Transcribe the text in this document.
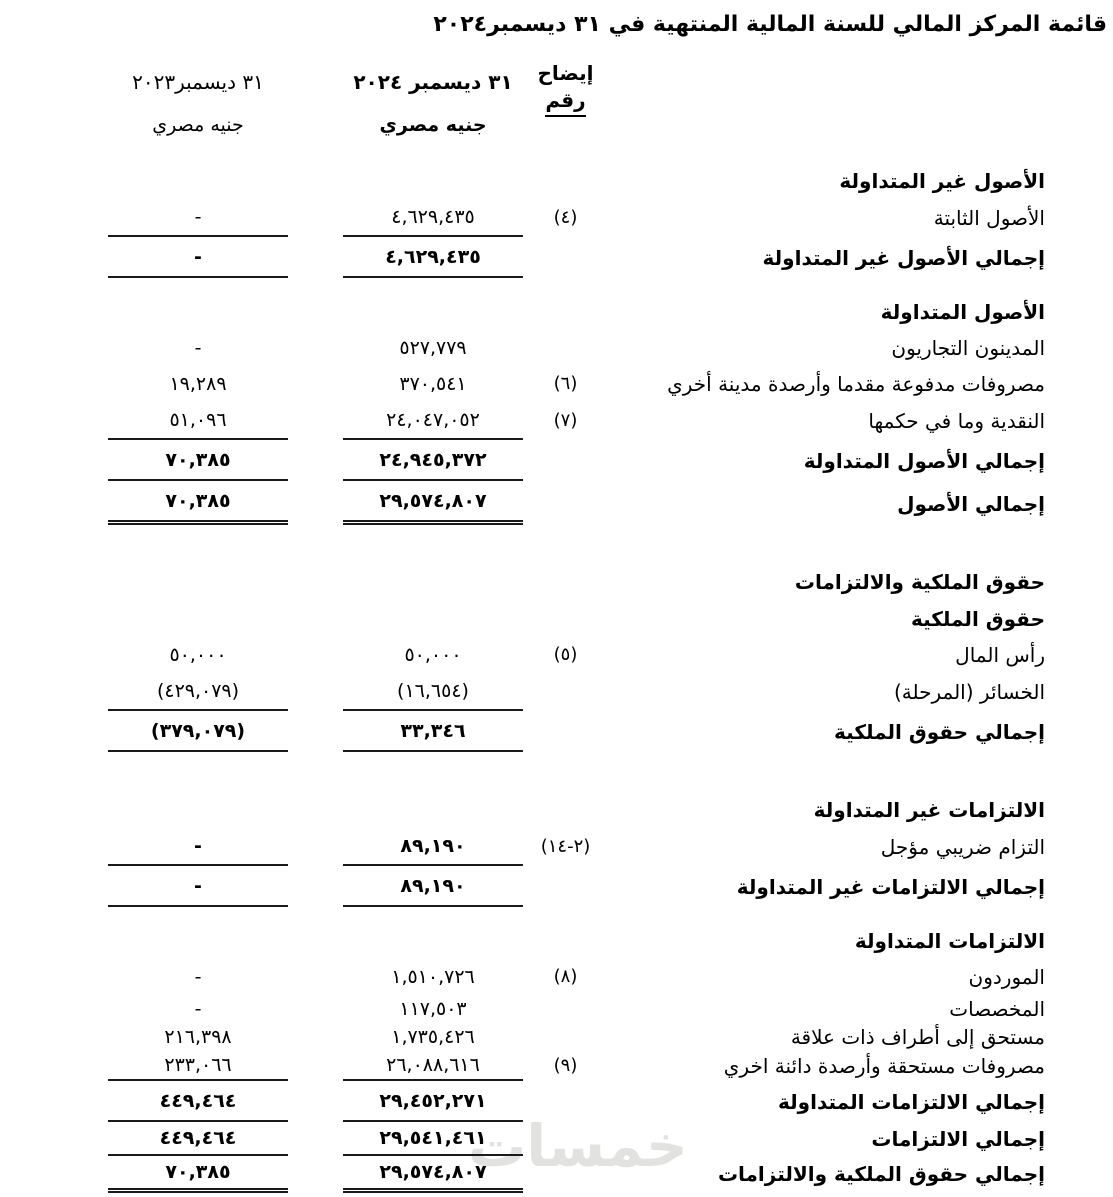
خمسات
قائمة المركز المالي للسنة المالية المنتهية في ٣١ ديسمبر٢٠٢٤

		إيضاح
رقم	٣١ ديسمبر ٢٠٢٤		٣١ ديسمبر٢٠٢٣	
			جنيه مصري		جنيه مصري	
	الأصول غير المتداولة					
	الأصول الثابتة	(٤)	٤,٦٢٩,٤٣٥		-	
	إجمالي الأصول غير المتداولة		٤,٦٢٩,٤٣٥		-	
	الأصول المتداولة					
	المدينون التجاريون		٥٢٧,٧٧٩		-	
	مصروفات مدفوعة مقدما وأرصدة مدينة أخري	(٦)	٣٧٠,٥٤١		١٩,٢٨٩	
	النقدية وما في حكمها	(٧)	٢٤,٠٤٧,٠٥٢		٥١,٠٩٦	
	إجمالي الأصول المتداولة		٢٤,٩٤٥,٣٧٢		٧٠,٣٨٥	
	إجمالي الأصول		٢٩,٥٧٤,٨٠٧		٧٠,٣٨٥	
	حقوق الملكية والالتزامات					
	حقوق الملكية					
	رأس المال	(٥)	٥٠,٠٠٠		٥٠,٠٠٠	
	الخسائر (المرحلة)		(١٦,٦٥٤)		(٤٢٩,٠٧٩)	
	إجمالي حقوق الملكية		٣٣,٣٤٦		(٣٧٩,٠٧٩)	
	الالتزامات غير المتداولة					
	التزام ضريبي مؤجل	(٢-١٤)	٨٩,١٩٠		-	
	إجمالي الالتزامات غير المتداولة		٨٩,١٩٠		-	
	الالتزامات المتداولة					
	الموردون	(٨)	١,٥١٠,٧٢٦		-	
	المخصصات		١١٧,٥٠٣		-	
	مستحق إلى أطراف ذات علاقة		١,٧٣٥,٤٢٦		٢١٦,٣٩٨	
	مصروفات مستحقة وأرصدة دائنة اخري	(٩)	٢٦,٠٨٨,٦١٦		٢٣٣,٠٦٦	
	إجمالي الالتزامات المتداولة		٢٩,٤٥٢,٢٧١		٤٤٩,٤٦٤	
	إجمالي الالتزامات		٢٩,٥٤١,٤٦١		٤٤٩,٤٦٤	
	إجمالي حقوق الملكية والالتزامات		٢٩,٥٧٤,٨٠٧		٧٠,٣٨٥	
